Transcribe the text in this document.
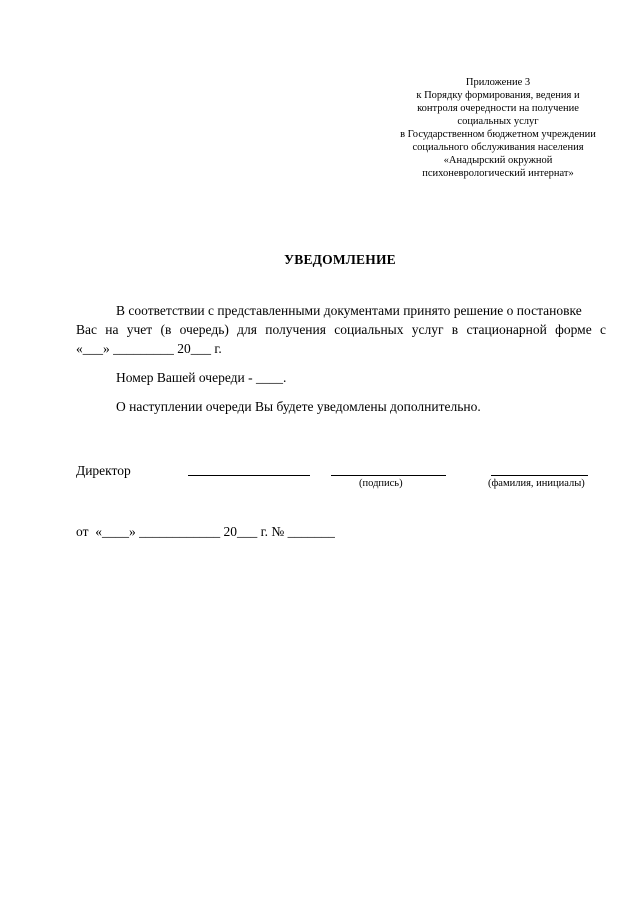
Приложение 3
к Порядку формирования, ведения и
контроля очередности на получение
социальных услуг
в Государственном бюджетном учреждении
социального обслуживания населения
«Анадырский окружной
психоневрологический интернат»
УВЕДОМЛЕНИЕ
В соответствии с представленными документами принято решение о постановке
Вас на учет (в очередь) для получения социальных услуг в стационарной форме с
«___» _________ 20___ г.
Номер Вашей очереди - ____.
О наступлении очереди Вы будете уведомлены дополнительно.
Директор
(подпись)	(фамилия, инициалы)
от  «____» ____________ 20___ г. № _______
